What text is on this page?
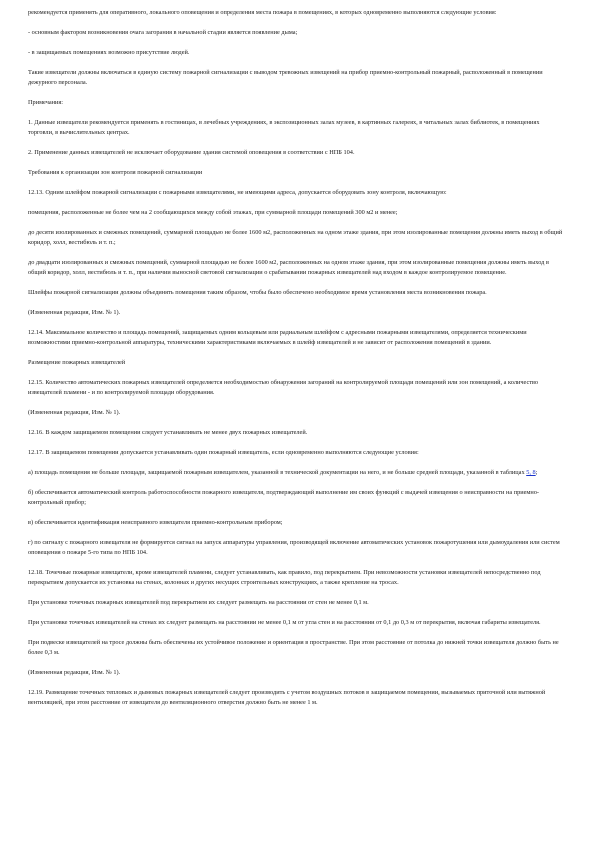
рекомендуется применять для оперативного, локального оповещения и определения места пожара в помещениях, в которых одновременно выполняются следующие условия:

- основным фактором возникновения очага загорания в начальной стадии является появление дыма;

- в защищаемых помещениях возможно присутствие людей.

Такие извещатели должны включаться в единую систему пожарной сигнализации с выводом тревожных извещений на прибор приемно-контрольный пожарный, расположенный в помещении дежурного персонала.

Примечания:

1. Данные извещатели рекомендуется применять в гостиницах, в лечебных учреждениях, в экспозиционных залах музеев, в картинных галереях, в читальных залах библиотек, в помещениях торговли, в вычислительных центрах.

2. Применение данных извещателей не исключает оборудование здания системой оповещения в соответствии с НПБ 104.

Требования к организации зон контроля пожарной сигнализации

12.13. Одним шлейфом пожарной сигнализации с пожарными извещателями, не имеющими адреса, допускается оборудовать зону контроля, включающую:

помещения, расположенные не более чем на 2 сообщающихся между собой этажах, при суммарной площади помещений 300 м2 и менее;

до десяти изолированных и смежных помещений, суммарной площадью не более 1600 м2, расположенных на одном этаже здания, при этом изолированные помещения должны иметь выход в общий коридор, холл, вестибюль и т. п.;

до двадцати изолированных и смежных помещений, суммарной площадью не более 1600 м2, расположенных на одном этаже здания, при этом изолированные помещения должны иметь выход в общий коридор, холл, вестибюль и т. п., при наличии выносной световой сигнализации о срабатывании пожарных извещателей над входом в каждое контролируемое помещение.

Шлейфы пожарной сигнализации должны объединять помещения таким образом, чтобы было обеспечено необходимое время установления места возникновения пожара.

(Измененная редакция, Изм. № 1).

12.14. Максимальное количество и площадь помещений, защищаемых одним кольцевым или радиальным шлейфом с адресными пожарными извещателями, определяется техническими возможностями приемно-контрольной аппаратуры, техническими характеристиками включаемых в шлейф извещателей и не зависит от расположения помещений в здании.

Размещение пожарных извещателей

12.15. Количество автоматических пожарных извещателей определяется необходимостью обнаружения загораний на контролируемой площади помещений или зон помещений, а количество извещателей пламени - и по контролируемой площади оборудования.

(Измененная редакция, Изм. № 1).

12.16. В каждом защищаемом помещении следует устанавливать не менее двух пожарных извещателей.

12.17. В защищаемом помещении допускается устанавливать один пожарный извещатель, если одновременно выполняются следующие условия:

а) площадь помещения не больше площади, защищаемой пожарным извещателем, указанной в технической документации на него, и не больше средней площади, указанной в таблицах 5, 8;

б) обеспечивается автоматический контроль работоспособности пожарного извещателя, подтверждающий выполнение им своих функций с выдачей извещения о неисправности на приемно-контрольный прибор;

в) обеспечивается идентификация неисправного извещателя приемно-контрольным прибором;

г) по сигналу с пожарного извещателя не формируется сигнал на запуск аппаратуры управления, производящей включение автоматических установок пожаротушения или дымоудаления или систем оповещения о пожаре 5-го типа по НПБ 104.

12.18. Точечные пожарные извещатели, кроме извещателей пламени, следует устанавливать, как правило, под перекрытием. При невозможности установки извещателей непосредственно под перекрытием допускается их установка на стенах, колоннах и других несущих строительных конструкциях, а также крепление на тросах.

При установке точечных пожарных извещателей под перекрытием их следует размещать на расстоянии от стен не менее 0,1 м.

При установке точечных извещателей на стенах их следует размещать на расстоянии не менее 0,1 м от угла стен и на расстоянии от 0,1 до 0,3 м от перекрытия, включая габариты извещателя.

При подвеске извещателей на тросе должны быть обеспечены их устойчивое положение и ориентация в пространстве. При этом расстояние от потолка до нижней точки извещателя должно быть не более 0,3 м.

(Измененная редакция, Изм. № 1).

12.19. Размещение точечных тепловых и дымовых пожарных извещателей следует производить с учетом воздушных потоков в защищаемом помещении, вызываемых приточной или вытяжной вентиляцией, при этом расстояние от извещателя до вентиляционного отверстия должно быть не менее 1 м.
